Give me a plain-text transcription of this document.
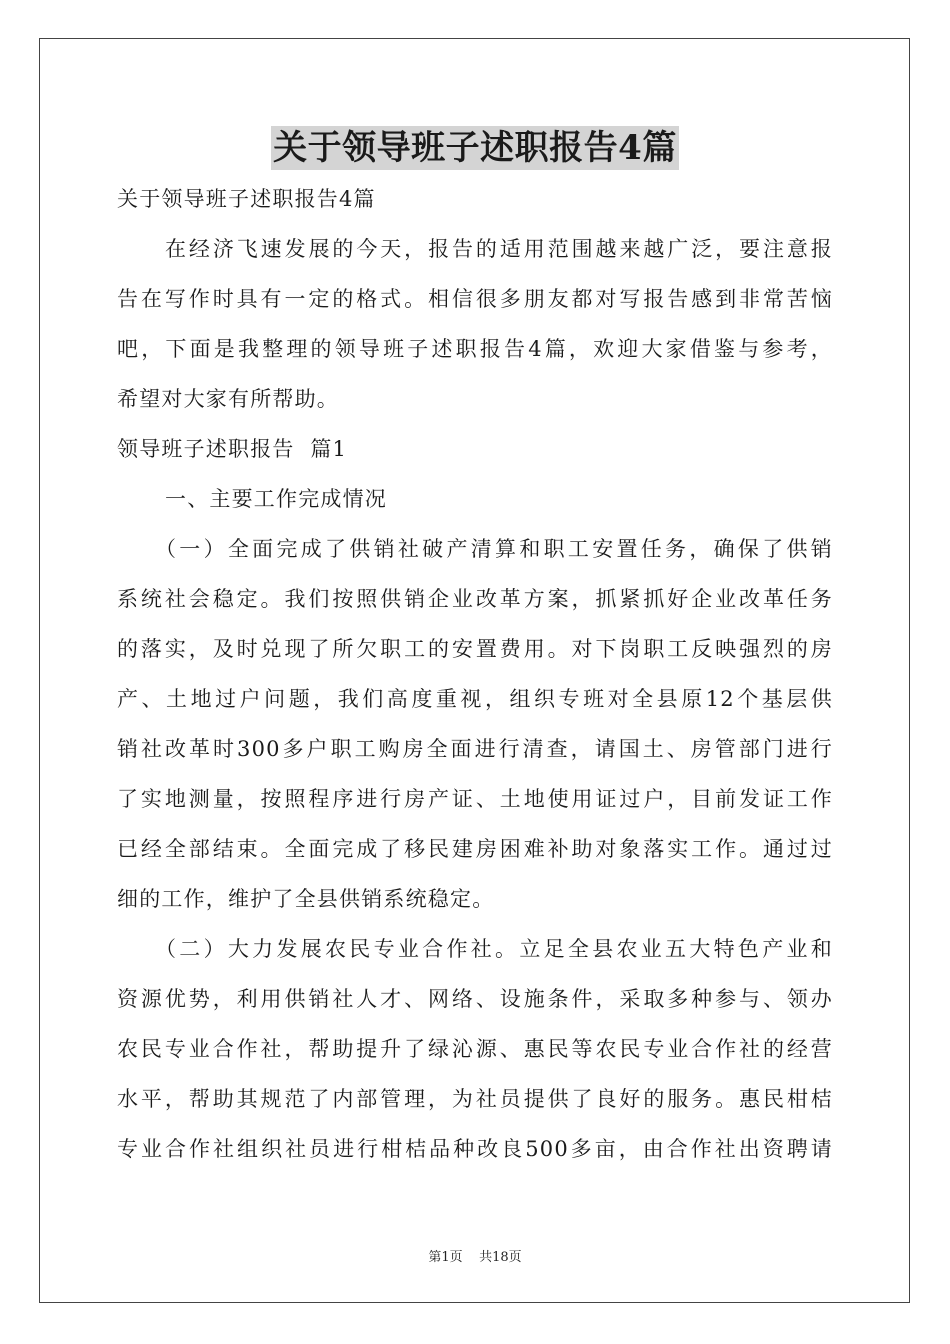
关于领导班子述职报告4篇
关于领导班子述职报告4篇
在经济飞速发展的今天，报告的适用范围越来越广泛，要注意报
告在写作时具有一定的格式。相信很多朋友都对写报告感到非常苦恼
吧，下面是我整理的领导班子述职报告4篇，欢迎大家借鉴与参考，
希望对大家有所帮助。
领导班子述职报告  篇1
一、主要工作完成情况
（一）全面完成了供销社破产清算和职工安置任务，确保了供销
系统社会稳定。我们按照供销企业改革方案，抓紧抓好企业改革任务
的落实，及时兑现了所欠职工的安置费用。对下岗职工反映强烈的房
产、土地过户问题，我们高度重视，组织专班对全县原12个基层供
销社改革时300多户职工购房全面进行清查，请国土、房管部门进行
了实地测量，按照程序进行房产证、土地使用证过户，目前发证工作
已经全部结束。全面完成了移民建房困难补助对象落实工作。通过过
细的工作，维护了全县供销系统稳定。
（二）大力发展农民专业合作社。立足全县农业五大特色产业和
资源优势，利用供销社人才、网络、设施条件，采取多种参与、领办
农民专业合作社，帮助提升了绿沁源、惠民等农民专业合作社的经营
水平，帮助其规范了内部管理，为社员提供了良好的服务。惠民柑桔
专业合作社组织社员进行柑桔品种改良500多亩，由合作社出资聘请
第1页 共18页
